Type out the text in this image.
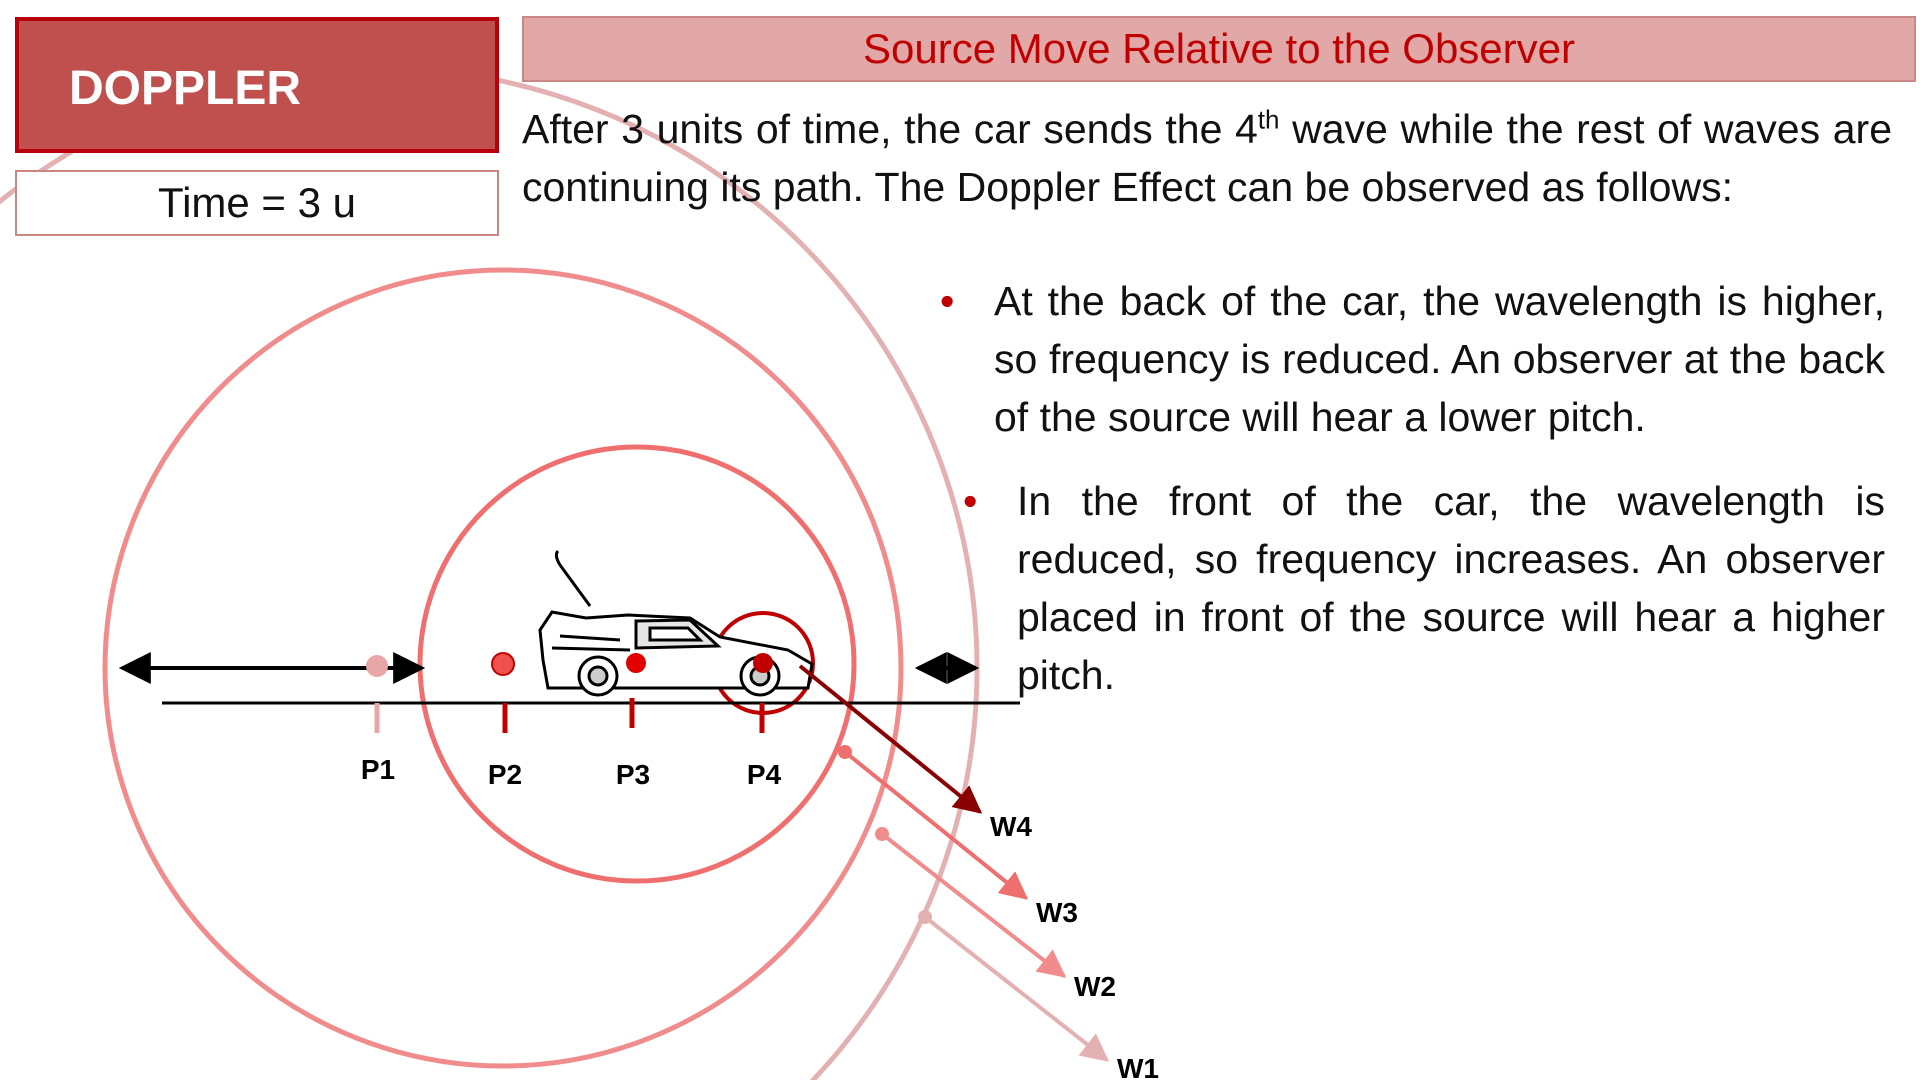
P1	P2	P3	P4
W4
W3
W2
W1
DOPPLER
Time = 3 u
Source Move Relative to the Observer

After 3 units of time, the car sends the 4th wave while the rest of waves are continuing its path. The Doppler Effect can be observed as follows:

• At the back of the car, the wavelength is higher, so frequency is reduced. An observer at the back of the source will hear a lower pitch.
• In the front of the car, the wavelength is reduced, so frequency increases. An observer placed in front of the source will hear a higher pitch.
